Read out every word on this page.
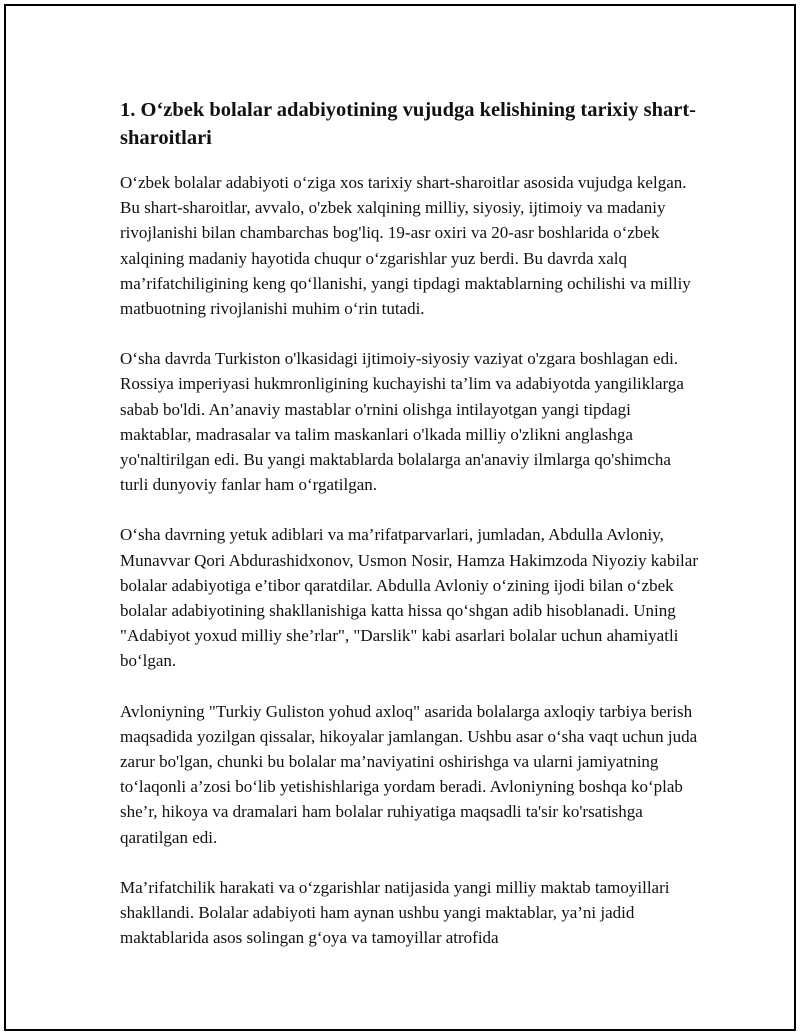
1. O‘zbek bolalar adabiyotining vujudga kelishining tarixiy shart-sharoitlari

O‘zbek bolalar adabiyoti o‘ziga xos tarixiy shart-sharoitlar asosida vujudga kelgan. Bu shart-sharoitlar, avvalo, o'zbek xalqining milliy, siyosiy, ijtimoiy va madaniy rivojlanishi bilan chambarchas bog'liq. 19-asr oxiri va 20-asr boshlarida o‘zbek xalqining madaniy hayotida chuqur o‘zgarishlar yuz berdi. Bu davrda xalq ma’rifatchiligining keng qo‘llanishi, yangi tipdagi maktablarning ochilishi va milliy matbuotning rivojlanishi muhim o‘rin tutadi.

O‘sha davrda Turkiston o'lkasidagi ijtimoiy-siyosiy vaziyat o'zgara boshlagan edi. Rossiya imperiyasi hukmronligining kuchayishi ta’lim va adabiyotda yangiliklarga sabab bo'ldi. An’anaviy mastablar o'rnini olishga intilayotgan yangi tipdagi maktablar, madrasalar va talim maskanlari o'lkada milliy o'zlikni anglashga yo'naltirilgan edi. Bu yangi maktablarda bolalarga an'anaviy ilmlarga qo'shimcha turli dunyoviy fanlar ham o‘rgatilgan.

O‘sha davrning yetuk adiblari va ma’rifatparvarlari, jumladan, Abdulla Avloniy, Munavvar Qori Abdurashidxonov, Usmon Nosir, Hamza Hakimzoda Niyoziy kabilar bolalar adabiyotiga e’tibor qaratdilar. Abdulla Avloniy o‘zining ijodi bilan o‘zbek bolalar adabiyotining shakllanishiga katta hissa qo‘shgan adib hisoblanadi. Uning "Adabiyot yoxud milliy she’rlar", "Darslik" kabi asarlari bolalar uchun ahamiyatli bo‘lgan.

Avloniyning "Turkiy Guliston yohud axloq" asarida bolalarga axloqiy tarbiya berish maqsadida yozilgan qissalar, hikoyalar jamlangan. Ushbu asar o‘sha vaqt uchun juda zarur bo'lgan, chunki bu bolalar ma’naviyatini oshirishga va ularni jamiyatning to‘laqonli a’zosi bo‘lib yetishishlariga yordam beradi. Avloniyning boshqa ko‘plab she’r, hikoya va dramalari ham bolalar ruhiyatiga maqsadli ta'sir ko'rsatishga qaratilgan edi.

Ma’rifatchilik harakati va o‘zgarishlar natijasida yangi milliy maktab tamoyillari shakllandi. Bolalar adabiyoti ham aynan ushbu yangi maktablar, ya’ni jadid maktablarida asos solingan g‘oya va tamoyillar atrofida
